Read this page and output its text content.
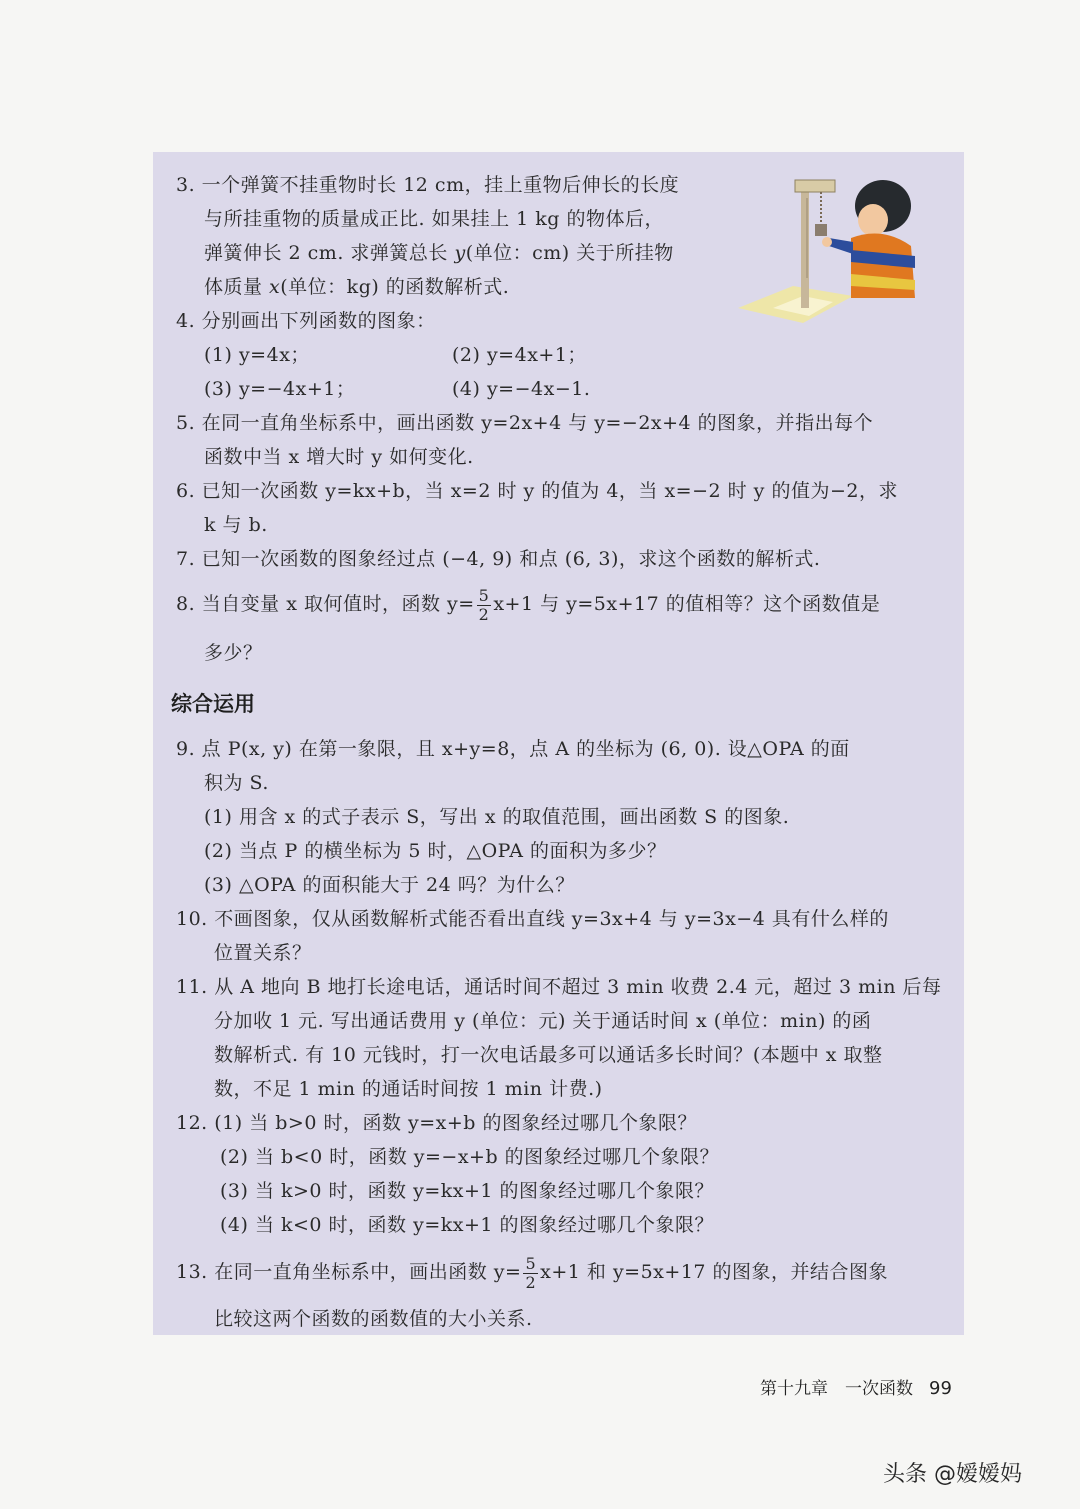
3. 一个弹簧不挂重物时长 12 cm，挂上重物后伸长的长度
与所挂重物的质量成正比. 如果挂上 1 kg 的物体后，
弹簧伸长 2 cm. 求弹簧总长 y(单位：cm) 关于所挂物
体质量 x(单位：kg) 的函数解析式.
4. 分别画出下列函数的图象：
(1) y=4x；	(2) y=4x+1；
(3) y=−4x+1；	(4) y=−4x−1.
5. 在同一直角坐标系中，画出函数 y=2x+4 与 y=−2x+4 的图象，并指出每个
函数中当 x 增大时 y 如何变化.
6. 已知一次函数 y=kx+b，当 x=2 时 y 的值为 4，当 x=−2 时 y 的值为−2，求
k 与 b.
7. 已知一次函数的图象经过点 (−4, 9) 和点 (6, 3)，求这个函数的解析式.
8. 当自变量 x 取何值时，函数 $y= \frac{5}{2} x+1$ 与 y=5x+17 的值相等？这个函数值是
多少？
综合运用
9. 点 P(x, y) 在第一象限，且 x+y=8，点 A 的坐标为 (6, 0). 设△OPA 的面
积为 S.
(1) 用含 x 的式子表示 S，写出 x 的取值范围，画出函数 S 的图象.
(2) 当点 P 的横坐标为 5 时，△OPA 的面积为多少？
(3) △OPA 的面积能大于 24 吗？为什么？
10. 不画图象，仅从函数解析式能否看出直线 y=3x+4 与 y=3x−4 具有什么样的
位置关系？
11. 从 A 地向 B 地打长途电话，通话时间不超过 3 min 收费 2.4 元，超过 3 min 后每
分加收 1 元. 写出通话费用 y (单位：元) 关于通话时间 x (单位：min) 的函
数解析式. 有 10 元钱时，打一次电话最多可以通话多长时间？(本题中 x 取整
数，不足 1 min 的通话时间按 1 min 计费.)
12. (1) 当 b>0 时，函数 y=x+b 的图象经过哪几个象限？
(2) 当 b<0 时，函数 y=−x+b 的图象经过哪几个象限？
(3) 当 k>0 时，函数 y=kx+1 的图象经过哪几个象限？
(4) 当 k<0 时，函数 y=kx+1 的图象经过哪几个象限？
13. 在同一直角坐标系中，画出函数 $y= \frac{5}{2} x+1$ 和 y=5x+17 的图象，并结合图象
比较这两个函数的函数值的大小关系.
第十九章　一次函数 99
头条 @嫒嫒妈
